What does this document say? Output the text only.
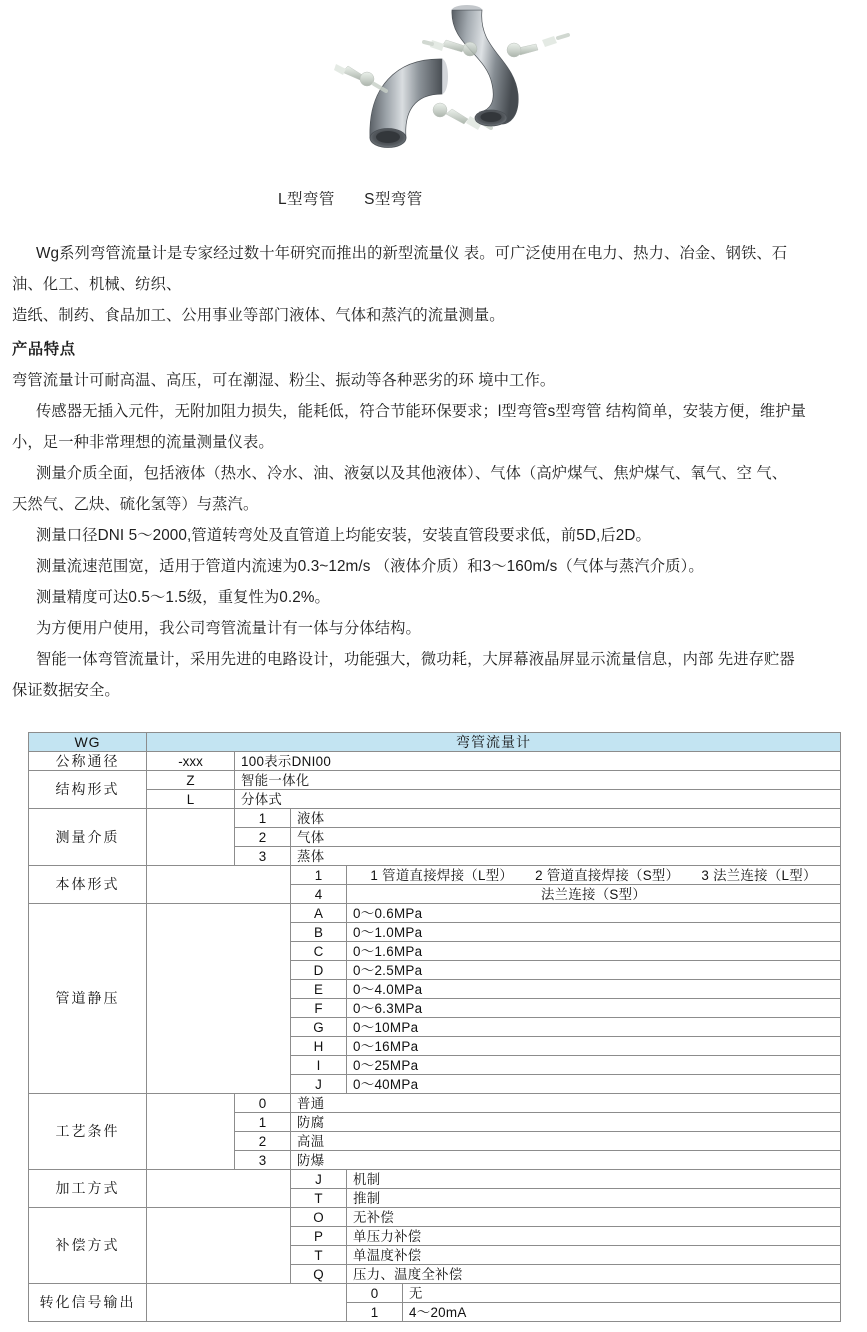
L型弯管 S型弯管

Wg系列弯管流量计是专家经过数十年研究而推出的新型流量仪 表。可广泛使用在电力、热力、冶金、钢铁、石

油、化工、机械、纺织、

造纸、制药、食品加工、公用事业等部门液体、气体和蒸汽的流量测量。

产品特点

弯管流量计可耐高温、高压，可在潮湿、粉尘、振动等各种恶劣的环 境中工作。

传感器无插入元件，无附加阻力损失，能耗低，符合节能环保要求；l型弯管s型弯管 结构简单，安装方便，维护量

小，足一种非常理想的流量测量仪表。

测量介质全面，包括液体（热水、冷水、油、液氨以及其他液体）、气体（高炉煤气、焦炉煤气、氧气、空 气、

天然气、乙炔、硫化氢等）与蒸汽。

测量口径DNI 5～2000,管道转弯处及直管道上均能安装，安装直管段要求低，前5D,后2D。

测量流速范围宽，适用于管道内流速为0.3~12m/s （液体介质）和3～160m/s（气体与蒸汽介质）。

测量精度可达0.5～1.5级，重复性为0.2%。

为方便用户使用，我公司弯管流量计有一体与分体结构。

智能一体弯管流量计，采用先进的电路设计，功能强大，微功耗，大屏幕液晶屏显示流量信息，内部 先进存贮器

保证数据安全。

WG	弯管流量计				
公称通径	-xxx	100表示DNI00			
结构形式	Z	智能一体化			
	L	分体式			
测量介质		1	液体		
		2	气体		
		3	蒸体		
本体形式			1	1 管道直接焊接（L型） 2 管道直接焊接（S型） 3 法兰连接（L型）	
			4	法兰连接（S型）	
管道静压			A	0～0.6MPa	
			B	0～1.0MPa	
			C	0～1.6MPa	
			D	0～2.5MPa	
			E	0～4.0MPa	
			F	0～6.3MPa	
			G	0～10MPa	
			H	0～16MPa	
			I	0～25MPa	
			J	0～40MPa	
工艺条件		0	普通		
		1	防腐		
		2	高温		
		3	防爆		
加工方式			J	机制	
			T	推制	
补偿方式			O	无补偿	
			P	单压力补偿	
			T	单温度补偿	
			Q	压力、温度全补偿	
转化信号输出				0	无
				1	4～20mA
